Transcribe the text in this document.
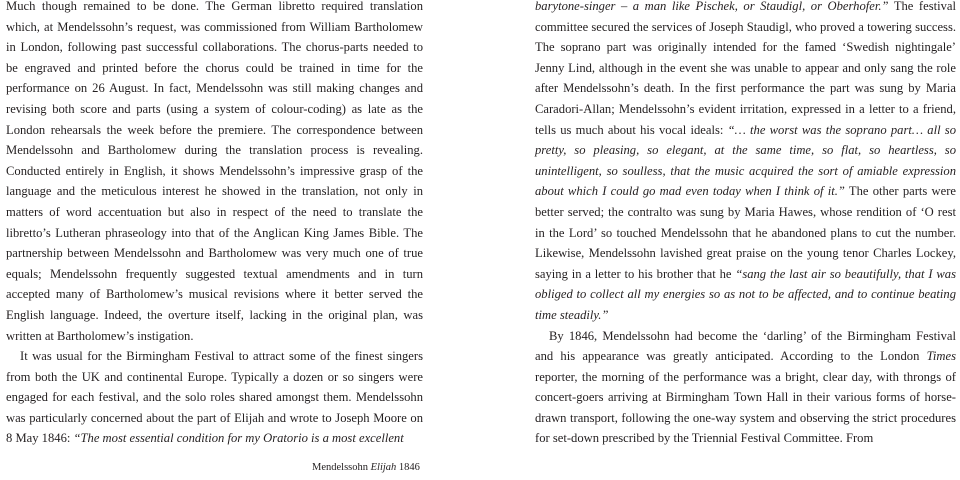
Much though remained to be done. The German libretto required translation which, at Mendelssohn’s request, was commissioned from William Bartholomew in London, following past successful collaborations. The chorus-parts needed to be engraved and printed before the chorus could be trained in time for the performance on 26 August. In fact, Mendelssohn was still making changes and revising both score and parts (using a system of colour-coding) as late as the London rehearsals the week before the premiere. The correspondence between Mendelssohn and Bartholomew during the translation process is revealing. Conducted entirely in English, it shows Mendelssohn’s impressive grasp of the language and the meticulous interest he showed in the translation, not only in matters of word accentuation but also in respect of the need to translate the libretto’s Lutheran phraseology into that of the Anglican King James Bible. The partnership between Mendelssohn and Bartholomew was very much one of true equals; Mendelssohn frequently suggested textual amendments and in turn accepted many of Bartholomew’s musical revisions where it better served the English language. Indeed, the overture itself, lacking in the original plan, was written at Bartholomew’s instigation.

It was usual for the Birmingham Festival to attract some of the finest singers from both the UK and continental Europe. Typically a dozen or so singers were engaged for each festival, and the solo roles shared amongst them. Mendelssohn was particularly concerned about the part of Elijah and wrote to Joseph Moore on 8 May 1846: “The most essential condition for my Oratorio is a most excellent

barytone-singer – a man like Pischek, or Staudigl, or Oberhofer.” The festival committee secured the services of Joseph Staudigl, who proved a towering success. The soprano part was originally intended for the famed ‘Swedish nightingale’ Jenny Lind, although in the event she was unable to appear and only sang the role after Mendelssohn’s death. In the first performance the part was sung by Maria Caradori-Allan; Mendelssohn’s evident irritation, expressed in a letter to a friend, tells us much about his vocal ideals: “… the worst was the soprano part… all so pretty, so pleasing, so elegant, at the same time, so flat, so heartless, so unintelligent, so soulless, that the music acquired the sort of amiable expression about which I could go mad even today when I think of it.” The other parts were better served; the contralto was sung by Maria Hawes, whose rendition of ‘O rest in the Lord’ so touched Mendelssohn that he abandoned plans to cut the number. Likewise, Mendelssohn lavished great praise on the young tenor Charles Lockey, saying in a letter to his brother that he “sang the last air so beautifully, that I was obliged to collect all my energies so as not to be affected, and to continue beating time steadily.”

By 1846, Mendelssohn had become the ‘darling’ of the Birmingham Festival and his appearance was greatly anticipated. According to the London Times reporter, the morning of the performance was a bright, clear day, with throngs of concert-goers arriving at Birmingham Town Hall in their various forms of horse-drawn transport, following the one-way system and observing the strict procedures for set-down prescribed by the Triennial Festival Committee. From

Mendelssohn Elijah 1846
